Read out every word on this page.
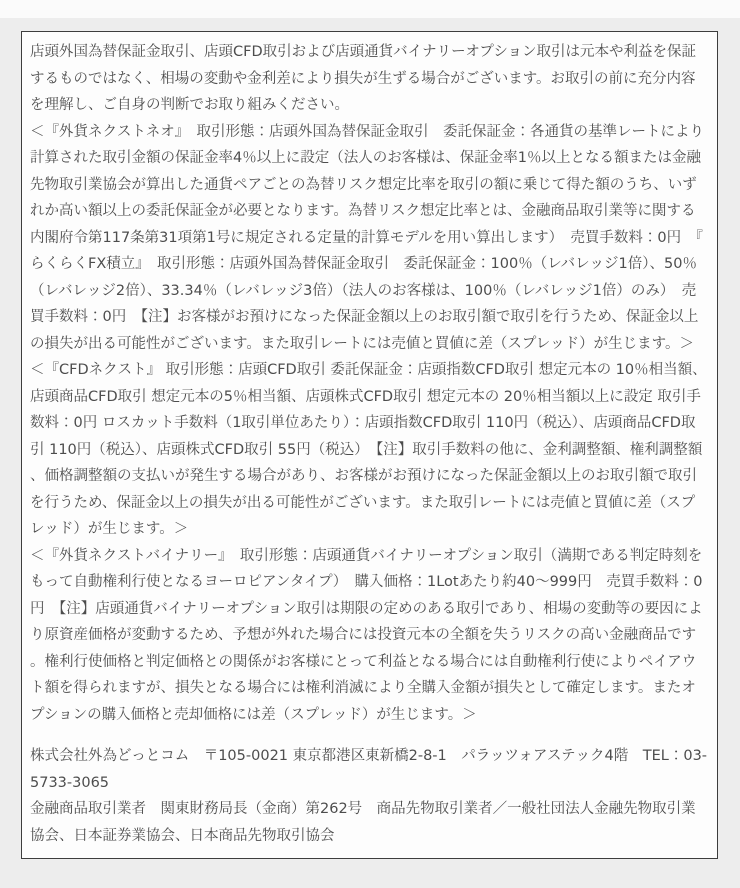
店頭外国為替保証金取引、店頭CFD取引および店頭通貨バイナリーオプション取引は元本や利益を保証するものではなく、相場の変動や金利差により損失が生ずる場合がございます。お取引の前に充分内容を理解し、ご自身の判断でお取り組みください。

＜『外貨ネクストネオ』　取引形態：店頭外国為替保証金取引　委託保証金：各通貨の基準レートにより計算された取引金額の保証金率4％以上に設定（法人のお客様は、保証金率1％以上となる額または金融先物取引業協会が算出した通貨ペアごとの為替リスク想定比率を取引の額に乗じて得た額のうち、いずれか高い額以上の委託保証金が必要となります。為替リスク想定比率とは、金融商品取引業等に関する内閣府令第117条第31項第1号に規定される定量的計算モデルを用い算出します）　売買手数料：0円　『らくらくFX積立』　取引形態：店頭外国為替保証金取引　委託保証金：100％（レバレッジ1倍）、50％（レバレッジ2倍）、33.34％（レバレッジ3倍）（法人のお客様は、100％（レバレッジ1倍）のみ）　売買手数料：0円　【注】お客様がお預けになった保証金額以上のお取引額で取引を行うため、保証金以上の損失が出る可能性がございます。また取引レートには売値と買値に差（スプレッド）が生じます。＞

＜『CFDネクスト』 取引形態：店頭CFD取引 委託保証金：店頭指数CFD取引 想定元本の 10％相当額、店頭商品CFD取引 想定元本の5％相当額、店頭株式CFD取引 想定元本の 20％相当額以上に設定 取引手数料：0円 ロスカット手数料（1取引単位あたり）：店頭指数CFD取引 110円（税込）、店頭商品CFD取引 110円（税込）、店頭株式CFD取引 55円（税込）　【注】取引手数料の他に、金利調整額、権利調整額、価格調整額の支払いが発生する場合があり、お客様がお預けになった保証金額以上のお取引額で取引を行うため、保証金以上の損失が出る可能性がございます。また取引レートには売値と買値に差（スプレッド）が生じます。＞

＜『外貨ネクストバイナリー』　取引形態：店頭通貨バイナリーオプション取引（満期である判定時刻をもって自動権利行使となるヨーロピアンタイプ）　購入価格：1Lotあたり約40〜999円　売買手数料：0円　【注】店頭通貨バイナリーオプション取引は期限の定めのある取引であり、相場の変動等の要因により原資産価格が変動するため、予想が外れた場合には投資元本の全額を失うリスクの高い金融商品です。権利行使価格と判定価格との関係がお客様にとって利益となる場合には自動権利行使によりペイアウト額を得られますが、損失となる場合には権利消滅により全購入金額が損失として確定します。またオプションの購入価格と売却価格には差（スプレッド）が生じます。＞

株式会社外為どっとコム　〒105-0021 東京都港区東新橋2-8-1　パラッツォアステック4階　TEL：03-5733-3065

金融商品取引業者　関東財務局長（金商）第262号　商品先物取引業者／一般社団法人金融先物取引業協会、日本証券業協会、日本商品先物取引協会
